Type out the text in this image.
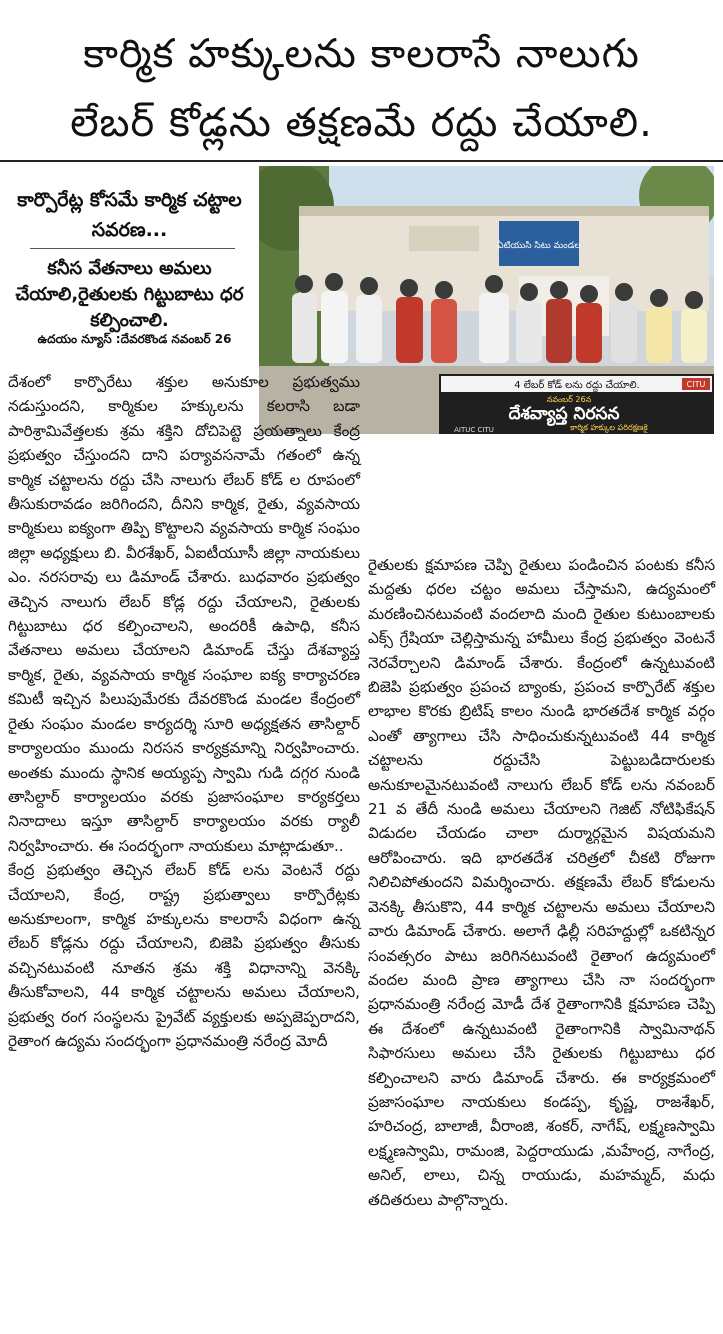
కార్మిక హక్కులను కాలరాసే నాలుగు
లేబర్ కోడ్లను తక్షణమే రద్దు చేయాలి.

కార్పొరేట్ల కోసమే కార్మిక చట్టాల సవరణ...

కనీస వేతనాలు అమలు చేయాలి,రైతులకు గిట్టుబాటు ధర కల్పించాలి.

ఉదయం న్యూస్ :దేవరకొండ నవంబర్ 26

ఏటియుసి సిటు మండల
4 లేబర్ కోడ్ లను రద్దు చేయాలి.
నవంబర్ 26న
దేశవ్యాప్త నిరసన
కార్మిక హక్కుల పరిరక్షణకై
CITU
AITUC CITU

దేశంలో కార్పొరేటు శక్తుల అనుకూల ప్రభుత్వము నడుస్తుందని, కార్మికుల హక్కులను కలరాసి బడా పారిశ్రామివేత్తలకు శ్రమ శక్తిని దోచిపెట్టె ప్రయత్నాలు కేంద్ర ప్రభుత్వం చేస్తుందని దాని పర్యావసనామే గతంలో ఉన్న కార్మిక చట్టాలను రద్దు చేసి నాలుగు లేబర్ కోడ్ ల రూపంలో తీసుకురావడం జరిగిందని, దీనిని కార్మిక, రైతు, వ్యవసాయ కార్మికులు ఐక్యంగా తిప్పి కొట్టాలని వ్యవసాయ కార్మిక సంఘం జిల్లా అధ్యక్షులు బి. వీరశేఖర్, ఏఐటీయూసీ జిల్లా నాయకులు ఎం. నరసరావు లు డిమాండ్ చేశారు. బుధవారం ప్రభుత్వం తెచ్చిన నాలుగు లేబర్ కోడ్ల రద్దు చేయాలని, రైతులకు గిట్టుబాటు ధర కల్పించాలని, అందరికీ ఉపాధి, కనీస వేతనాలు అమలు చేయాలని డిమాండ్ చేస్తు దేశవ్యాప్త కార్మిక, రైతు, వ్యవసాయ కార్మిక సంఘాల ఐక్య కార్యాచరణ కమిటీ ఇచ్చిన పిలుపుమేరకు దేవరకొండ మండల కేంద్రంలో రైతు సంఘం మండల కార్యదర్శి సూరి అధ్యక్షతన తాసిల్దార్ కార్యాలయం ముందు నిరసన కార్యక్రమాన్ని నిర్వహించారు. అంతకు ముందు స్థానిక అయ్యప్ప స్వామి గుడి దగ్గర నుండి తాసిల్దార్ కార్యాలయం వరకు ప్రజాసంఘాల కార్యకర్తలు నినాదాలు ఇస్తూ తాసిల్దార్ కార్యాలయం వరకు ర్యాలీ నిర్వహించారు. ఈ సందర్భంగా నాయకులు మాట్లాడుతూ..

కేంద్ర ప్రభుత్వం తెచ్చిన లేబర్ కోడ్ లను వెంటనే రద్దు చేయాలని, కేంద్ర, రాష్ట్ర ప్రభుత్వాలు కార్పొరేట్లకు అనుకూలంగా, కార్మిక హక్కులను కాలరాసే విధంగా ఉన్న లేబర్ కోడ్లను రద్దు చేయాలని, బిజెపి ప్రభుత్వం తీసుకు వచ్చినటువంటి నూతన శ్రమ శక్తి విధానాన్ని వెనక్కి తీసుకోవాలని, 44 కార్మిక చట్టాలను అమలు చేయాలని, ప్రభుత్వ రంగ సంస్థలను ప్రైవేట్ వ్యక్తులకు అప్పజెప్పరాదని, రైతాంగ ఉద్యమ సందర్భంగా ప్రధానమంత్రి నరేంద్ర మోదీ

రైతులకు క్షమాపణ చెప్పి రైతులు పండించిన పంటకు కనీస మద్దతు ధరల చట్టం అమలు చేస్తామని, ఉద్యమంలో మరణించినటువంటి వందలాది మంది రైతుల కుటుంబాలకు ఎక్స్ గ్రేషియా చెల్లిస్తామన్న హామీలు కేంద్ర ప్రభుత్వం వెంటనే నెరవేర్చాలని డిమాండ్ చేశారు. కేంద్రంలో ఉన్నటువంటి బిజెపి ప్రభుత్వం ప్రపంచ బ్యాంకు, ప్రపంచ కార్పొరేట్ శక్తుల లాభాల కొరకు బ్రిటిష్ కాలం నుండి భారతదేశ కార్మిక వర్గం ఎంతో త్యాగాలు చేసి సాధించుకున్నటువంటి 44 కార్మిక చట్టాలను రద్దుచేసి పెట్టుబడిదారులకు అనుకూలమైనటువంటి నాలుగు లేబర్ కోడ్ లను నవంబర్ 21 వ తేదీ నుండి అమలు చేయాలని గెజిట్ నోటిఫికేషన్ విడుదల చేయడం చాలా దుర్మార్గమైన విషయమని ఆరోపించారు. ఇది భారతదేశ చరిత్రలో చీకటి రోజుగా నిలిచిపోతుందని విమర్శించారు. తక్షణమే లేబర్ కోడులను వెనక్కి తీసుకొని, 44 కార్మిక చట్టాలను అమలు చేయాలని వారు డిమాండ్ చేశారు. అలాగే ఢిల్లీ సరిహద్దుల్లో ఒకటిన్నర సంవత్సరం పాటు జరిగినటువంటి రైతాంగ ఉద్యమంలో వందల మంది ప్రాణ త్యాగాలు చేసి నా సందర్భంగా ప్రధానమంత్రి నరేంద్ర మోడీ దేశ రైతాంగానికి క్షమాపణ చెప్పి ఈ దేశంలో ఉన్నటువంటి రైతాంగానికి స్వామినాథన్ సిఫారసులు అమలు చేసి రైతులకు గిట్టుబాటు ధర కల్పించాలని వారు డిమాండ్ చేశారు. ఈ కార్యక్రమంలో ప్రజాసంఘాల నాయకులు కండప్ప, కృష్ణ, రాజశేఖర్, హరిచంద్ర, బాలాజీ, వీరాంజి, శంకర్, నాగేష్, లక్ష్మణస్వామి లక్ష్మణస్వామి, రామంజి, పెద్దరాయుడు ,మహేంద్ర, నాగేంద్ర, అనిల్, లాలు, చిన్న రాయుడు, మహమ్మద్, మధు తదితరులు పాల్గొన్నారు.
